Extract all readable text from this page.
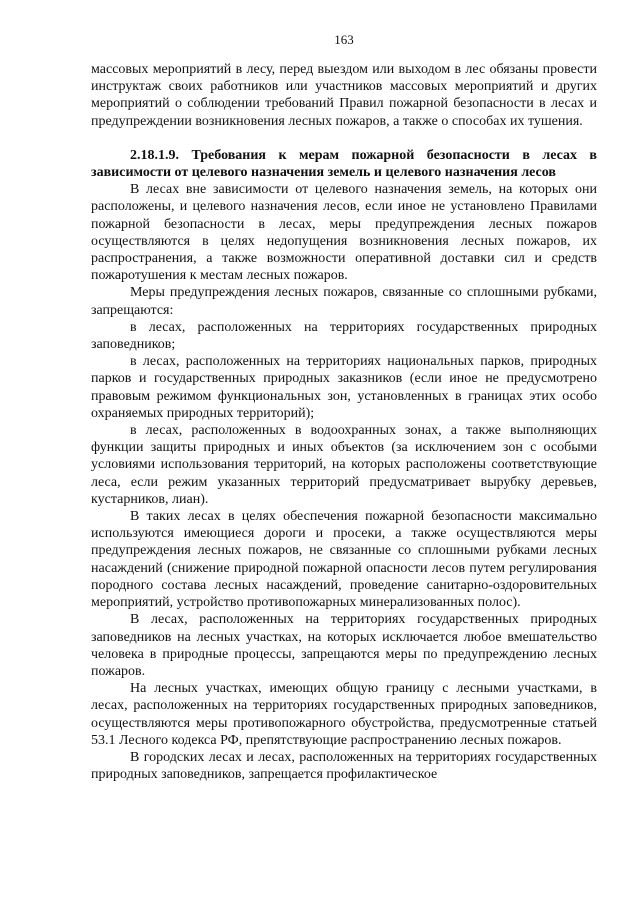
163

массовых мероприятий в лесу, перед выездом или выходом в лес обязаны провести инструктаж своих работников или участников массовых мероприятий и других мероприятий о соблюдении требований Правил пожарной безопасности в лесах и предупреждении возникновения лесных пожаров, а также о способах их тушения.

2.18.1.9. Требования к мерам пожарной безопасности в лесах в зависимости от целевого назначения земель и целевого назначения лесов

В лесах вне зависимости от целевого назначения земель, на которых они расположены, и целевого назначения лесов, если иное не установлено Правилами пожарной безопасности в лесах, меры предупреждения лесных пожаров осуществляются в целях недопущения возникновения лесных пожаров, их распространения, а также возможности оперативной доставки сил и средств пожаротушения к местам лесных пожаров.

Меры предупреждения лесных пожаров, связанные со сплошными рубками, запрещаются:

в лесах, расположенных на территориях государственных природных заповедников;

в лесах, расположенных на территориях национальных парков, природных парков и государственных природных заказников (если иное не предусмотрено правовым режимом функциональных зон, установленных в границах этих особо охраняемых природных территорий);

в лесах, расположенных в водоохранных зонах, а также выполняющих функции защиты природных и иных объектов (за исключением зон с особыми условиями использования территорий, на которых расположены соответствующие леса, если режим указанных территорий предусматривает вырубку деревьев, кустарников, лиан).

В таких лесах в целях обеспечения пожарной безопасности максимально используются имеющиеся дороги и просеки, а также осуществляются меры предупреждения лесных пожаров, не связанные со сплошными рубками лесных насаждений (снижение природной пожарной опасности лесов путем регулирования породного состава лесных насаждений, проведение санитарно-оздоровительных мероприятий, устройство противопожарных минерализованных полос).

В лесах, расположенных на территориях государственных природных заповедников на лесных участках, на которых исключается любое вмешательство человека в природные процессы, запрещаются меры по предупреждению лесных пожаров.

На лесных участках, имеющих общую границу с лесными участками, в лесах, расположенных на территориях государственных природных заповедников, осуществляются меры противопожарного обустройства, предусмотренные статьей 53.1 Лесного кодекса РФ, препятствующие распространению лесных пожаров.

В городских лесах и лесах, расположенных на территориях государственных природных заповедников, запрещается профилактическое
